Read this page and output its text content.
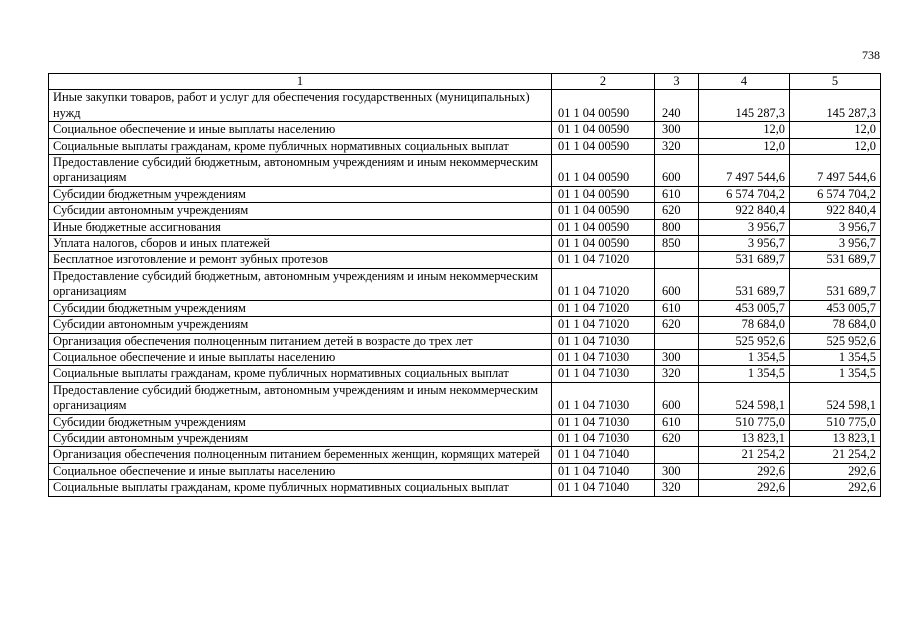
738
1	2	3	4	5
Иные закупки товаров, работ и услуг для обеспечения государственных (муниципальных) нужд	01 1 04 00590	240	145 287,3	145 287,3
Социальное обеспечение и иные выплаты населению	01 1 04 00590	300	12,0	12,0
Социальные выплаты гражданам, кроме публичных нормативных социальных выплат	01 1 04 00590	320	12,0	12,0
Предоставление субсидий бюджетным, автономным учреждениям и иным некоммерческим организациям	01 1 04 00590	600	7 497 544,6	7 497 544,6
Субсидии бюджетным учреждениям	01 1 04 00590	610	6 574 704,2	6 574 704,2
Субсидии автономным учреждениям	01 1 04 00590	620	922 840,4	922 840,4
Иные бюджетные ассигнования	01 1 04 00590	800	3 956,7	3 956,7
Уплата налогов, сборов и иных платежей	01 1 04 00590	850	3 956,7	3 956,7
Бесплатное изготовление и ремонт зубных протезов	01 1 04 71020		531 689,7	531 689,7
Предоставление субсидий бюджетным, автономным учреждениям и иным некоммерческим организациям	01 1 04 71020	600	531 689,7	531 689,7
Субсидии бюджетным учреждениям	01 1 04 71020	610	453 005,7	453 005,7
Субсидии автономным учреждениям	01 1 04 71020	620	78 684,0	78 684,0
Организация обеспечения полноценным питанием детей в возрасте до трех лет	01 1 04 71030		525 952,6	525 952,6
Социальное обеспечение и иные выплаты населению	01 1 04 71030	300	1 354,5	1 354,5
Социальные выплаты гражданам, кроме публичных нормативных социальных выплат	01 1 04 71030	320	1 354,5	1 354,5
Предоставление субсидий бюджетным, автономным учреждениям и иным некоммерческим организациям	01 1 04 71030	600	524 598,1	524 598,1
Субсидии бюджетным учреждениям	01 1 04 71030	610	510 775,0	510 775,0
Субсидии автономным учреждениям	01 1 04 71030	620	13 823,1	13 823,1
Организация обеспечения полноценным питанием беременных женщин, кормящих матерей	01 1 04 71040		21 254,2	21 254,2
Социальное обеспечение и иные выплаты населению	01 1 04 71040	300	292,6	292,6
Социальные выплаты гражданам, кроме публичных нормативных социальных выплат	01 1 04 71040	320	292,6	292,6
